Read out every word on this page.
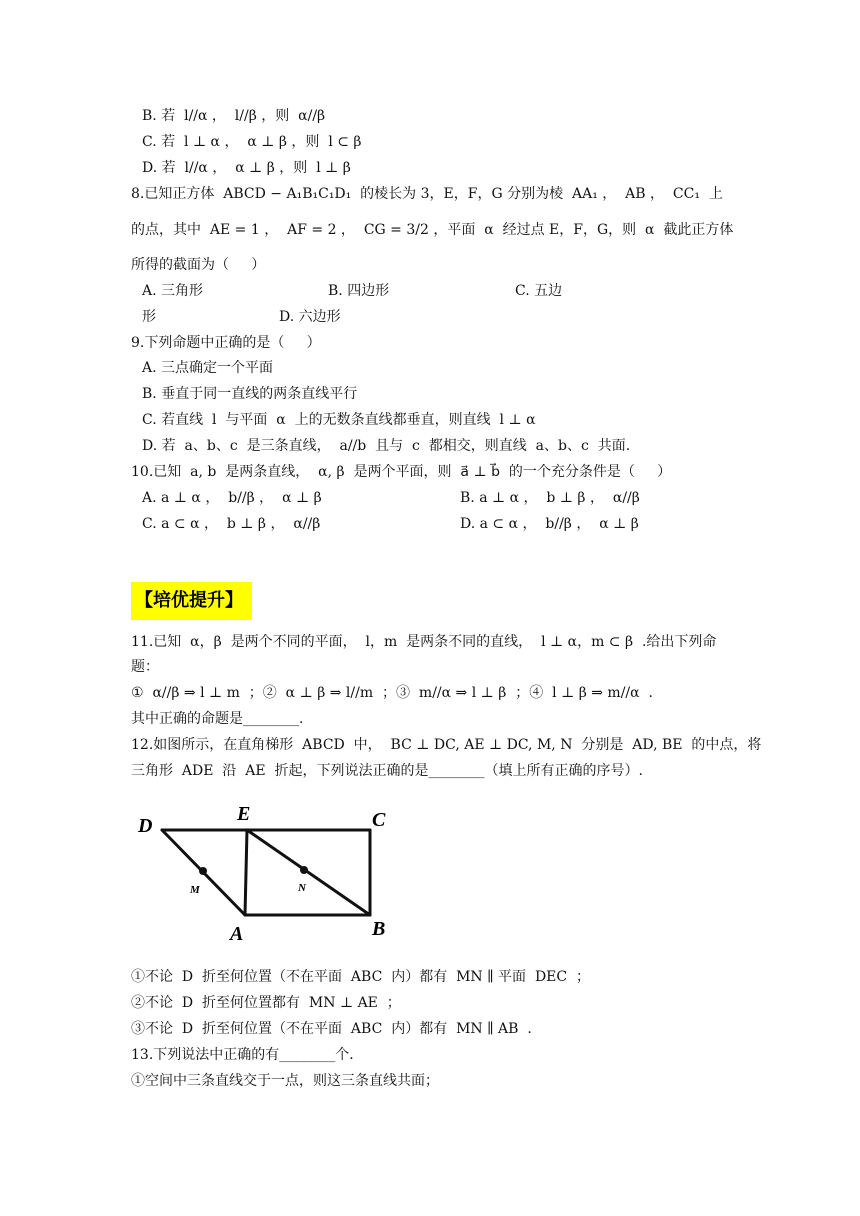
B. 若  l//α ，  l//β ，则  α//β
C. 若  l ⊥ α ，  α ⊥ β ，则  l ⊂ β
D. 若  l//α ，  α ⊥ β ，则  l ⊥ β
8.已知正方体  ABCD − A₁B₁C₁D₁  的棱长为 3，E，F，G 分别为棱  AA₁ ，  AB ，  CC₁  上
的点，其中  AE = 1 ，  AF = 2 ，  CG = 3/2 ，平面  α  经过点 E，F，G，则  α  截此正方体
所得的截面为（     ）
A. 三角形	B. 四边形	C. 五边
形	D. 六边形
9.下列命题中正确的是（     ）
A. 三点确定一个平面
B. 垂直于同一直线的两条直线平行
C. 若直线  l  与平面  α  上的无数条直线都垂直，则直线  l ⊥ α
D. 若  a、b、c  是三条直线，  a//b  且与  c  都相交，则直线  a、b、c  共面.
10.已知  a, b  是两条直线，  α, β  是两个平面，则  a⃗ ⊥ b⃗  的一个充分条件是（     ）
A. a ⊥ α ，  b//β ，  α ⊥ β	B. a ⊥ α ，  b ⊥ β ，  α//β
C. a ⊂ α ，  b ⊥ β ，  α//β	D. a ⊂ α ，  b//β ，  α ⊥ β
【培优提升】
11.已知  α，β  是两个不同的平面，  l，m  是两条不同的直线，  l ⊥ α，m ⊂ β  .给出下列命
题：
①  α//β ⇒ l ⊥ m  ；②  α ⊥ β ⇒ l//m  ；③  m//α ⇒ l ⊥ β  ；④  l ⊥ β ⇒ m//α  .
其中正确的命题是________.
12.如图所示，在直角梯形  ABCD  中，  BC ⊥ DC, AE ⊥ DC, M, N  分别是  AD, BE  的中点，将
三角形  ADE  沿  AE  折起，下列说法正确的是________（填上所有正确的序号）.
D
E	C
A	B
M	N
①不论  D  折至何位置（不在平面  ABC  内）都有  MN ∥ 平面  DEC  ；
②不论  D  折至何位置都有  MN ⊥ AE  ；
③不论  D  折至何位置（不在平面  ABC  内）都有  MN ∥ AB  .
13.下列说法中正确的有________个.
①空间中三条直线交于一点，则这三条直线共面；
